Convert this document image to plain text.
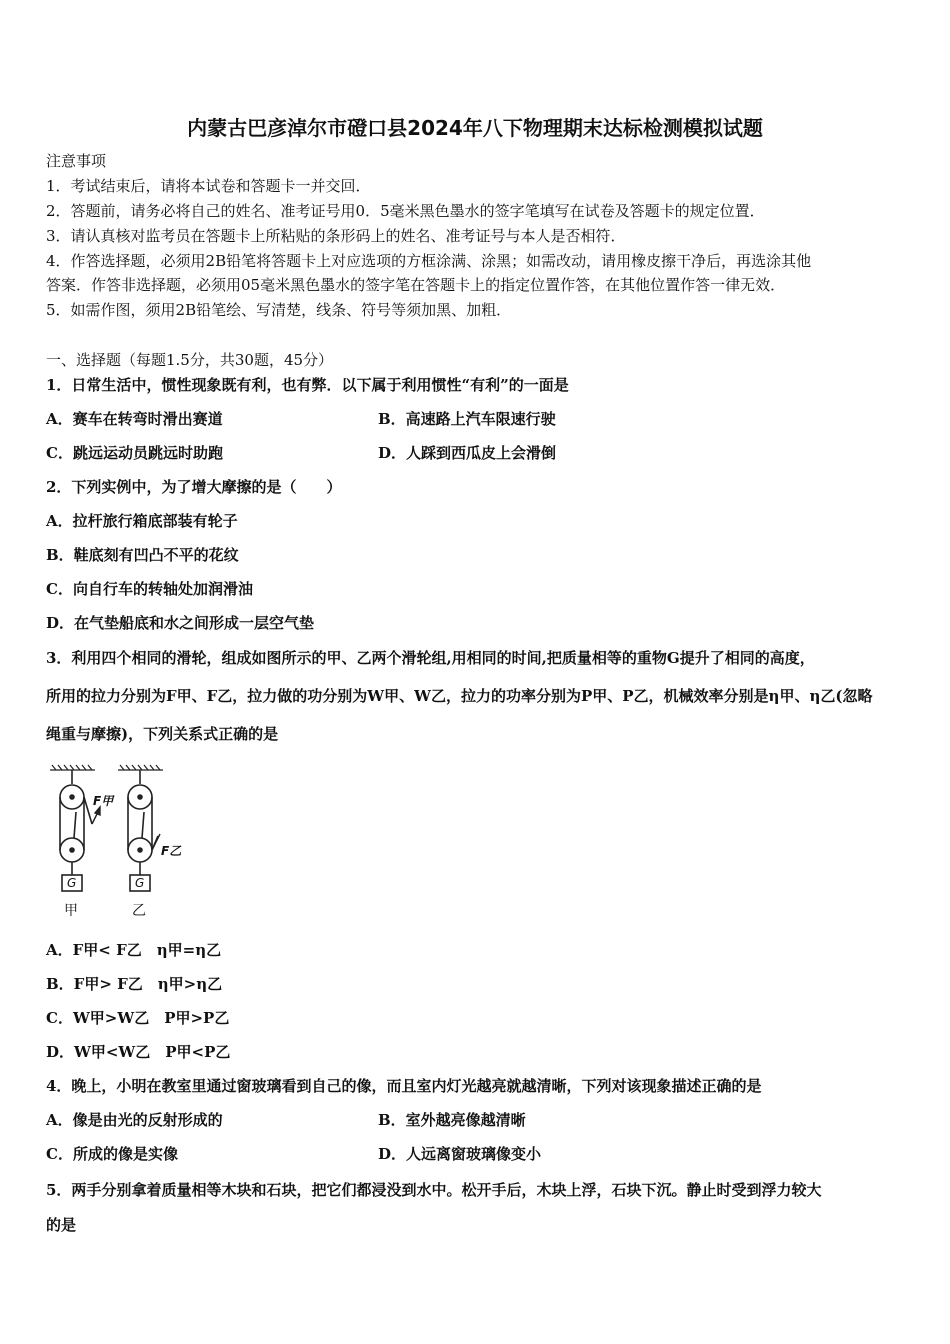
内蒙古巴彦淖尔市磴口县2024年八下物理期末达标检测模拟试题
注意事项
1．考试结束后，请将本试卷和答题卡一并交回．
2．答题前，请务必将自己的姓名、准考证号用0．5毫米黑色墨水的签字笔填写在试卷及答题卡的规定位置．
3．请认真核对监考员在答题卡上所粘贴的条形码上的姓名、准考证号与本人是否相符．
4．作答选择题，必须用2B铅笔将答题卡上对应选项的方框涂满、涂黑；如需改动，请用橡皮擦干净后，再选涂其他
答案．作答非选择题，必须用05毫米黑色墨水的签字笔在答题卡上的指定位置作答，在其他位置作答一律无效．
5．如需作图，须用2B铅笔绘、写清楚，线条、符号等须加黑、加粗．
一、选择题（每题1.5分，共30题，45分）
1．日常生活中，惯性现象既有利，也有弊．以下属于利用惯性“有利”的一面是
A．赛车在转弯时滑出赛道	B．高速路上汽车限速行驶
C．跳远运动员跳远时助跑	D．人踩到西瓜皮上会滑倒
2．下列实例中，为了增大摩擦的是（　　）
A．拉杆旅行箱底部装有轮子
B．鞋底刻有凹凸不平的花纹
C．向自行车的转轴处加润滑油
D．在气垫船底和水之间形成一层空气垫
3．利用四个相同的滑轮，组成如图所示的甲、乙两个滑轮组,用相同的时间,把质量相等的重物G提升了相同的高度，
所用的拉力分别为F甲、F乙，拉力做的功分别为W甲、W乙，拉力的功率分别为P甲、P乙，机械效率分别是η甲、η乙(忽略
绳重与摩擦)，下列关系式正确的是
F甲
F乙
G	G
甲	乙
A．F甲< F乙　η甲=η乙
B．F甲> F乙　η甲>η乙
C．W甲>W乙　P甲>P乙
D．W甲<W乙　P甲<P乙
4．晚上，小明在教室里通过窗玻璃看到自己的像，而且室内灯光越亮就越清晰，下列对该现象描述正确的是
A．像是由光的反射形成的	B．室外越亮像越清晰
C．所成的像是实像	D．人远离窗玻璃像变小
5．两手分别拿着质量相等木块和石块，把它们都浸没到水中。松开手后，木块上浮，石块下沉。静止时受到浮力较大
的是
